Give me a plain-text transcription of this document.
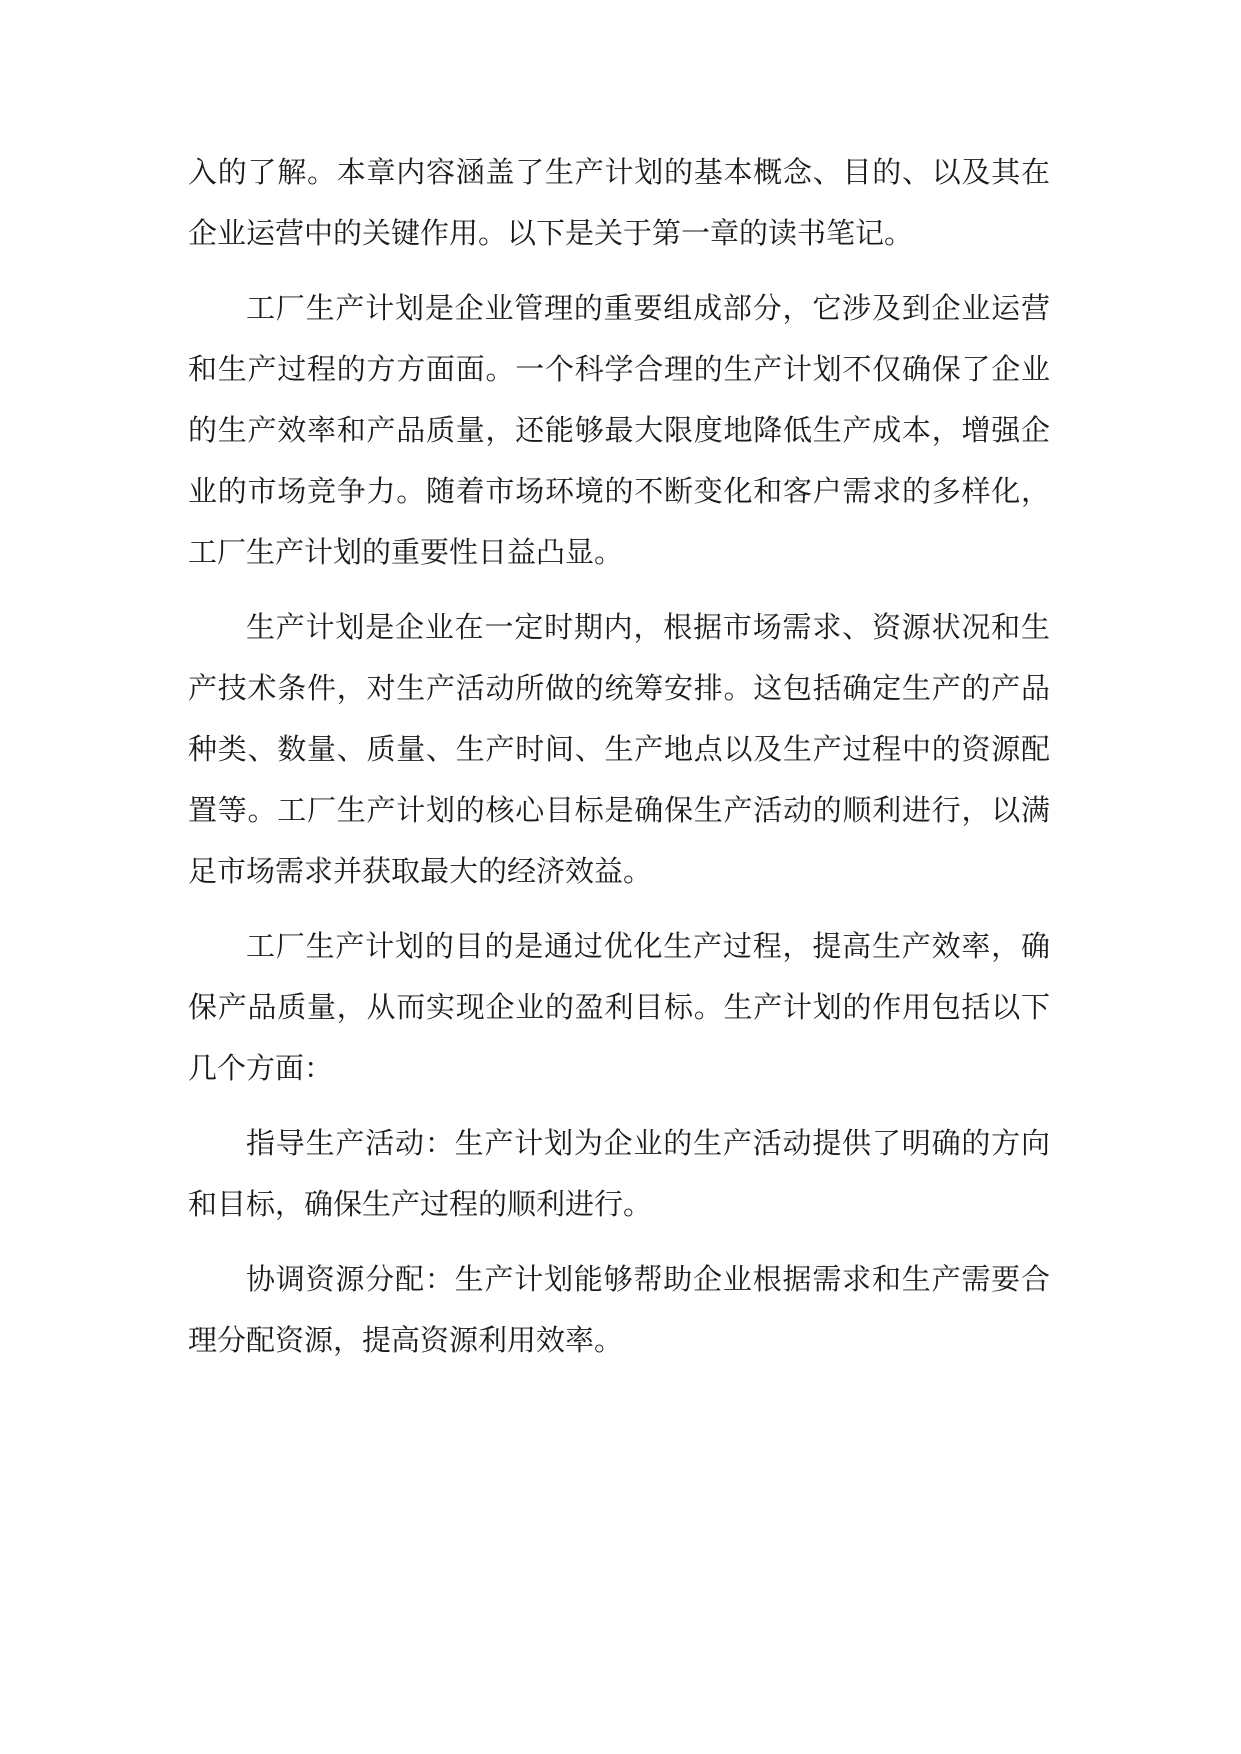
入的了解。本章内容涵盖了生产计划的基本概念、目的、以及其在企业运营中的关键作用。以下是关于第一章的读书笔记。

工厂生产计划是企业管理的重要组成部分，它涉及到企业运营和生产过程的方方面面。一个科学合理的生产计划不仅确保了企业的生产效率和产品质量，还能够最大限度地降低生产成本，增强企业的市场竞争力。随着市场环境的不断变化和客户需求的多样化，工厂生产计划的重要性日益凸显。

生产计划是企业在一定时期内，根据市场需求、资源状况和生产技术条件，对生产活动所做的统筹安排。这包括确定生产的产品种类、数量、质量、生产时间、生产地点以及生产过程中的资源配置等。工厂生产计划的核心目标是确保生产活动的顺利进行，以满足市场需求并获取最大的经济效益。

工厂生产计划的目的是通过优化生产过程，提高生产效率，确保产品质量，从而实现企业的盈利目标。生产计划的作用包括以下几个方面：

指导生产活动：生产计划为企业的生产活动提供了明确的方向和目标，确保生产过程的顺利进行。

协调资源分配：生产计划能够帮助企业根据需求和生产需要合理分配资源，提高资源利用效率。
